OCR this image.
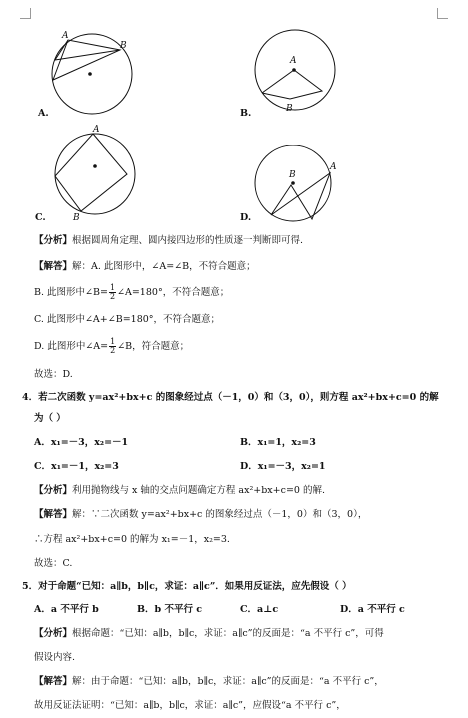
A
B
A.
A
B
B.
A
B
C.
B
A
D.
【分析】根据圆周角定理、圆内接四边形的性质逐一判断即可得.
【解答】解：A. 此图形中，∠A=∠B，不符合题意；
B. 此图形中∠B= $\frac{1}{2}$ ∠A=180°，不符合题意；
C. 此图形中∠A+∠B=180°，不符合题意；
D. 此图形中∠A= $\frac{1}{2}$ ∠B，符合题意；
故选：D.
4．若二次函数 y=ax²+bx+c 的图象经过点（－1，0）和（3，0），则方程 ax²+bx+c=0 的解
为（ ）
A．x₁=－3，x₂=－1	B．x₁=1，x₂=3
C．x₁=－1，x₂=3	D．x₁=－3，x₂=1
【分析】利用抛物线与 x 轴的交点问题确定方程 ax²+bx+c=0 的解.
【解答】解：∵二次函数 y=ax²+bx+c 的图象经过点（－1，0）和（3，0），
∴方程 ax²+bx+c=0 的解为 x₁=－1，x₂=3.
故选：C.
5．对于命题“已知：a∥b，b∥c，求证：a∥c”．如果用反证法，应先假设（ ）
A．a 不平行 b	B．b 不平行 c	C．a⊥c	D．a 不平行 c
【分析】根据命题：“已知：a∥b，b∥c，求证：a∥c”的反面是：“a 不平行 c”，可得
假设内容.
【解答】解：由于命题：“已知：a∥b，b∥c，求证：a∥c”的反面是：“a 不平行 c”，
故用反证法证明：“已知：a∥b，b∥c，求证：a∥c”，应假设“a 不平行 c”，
